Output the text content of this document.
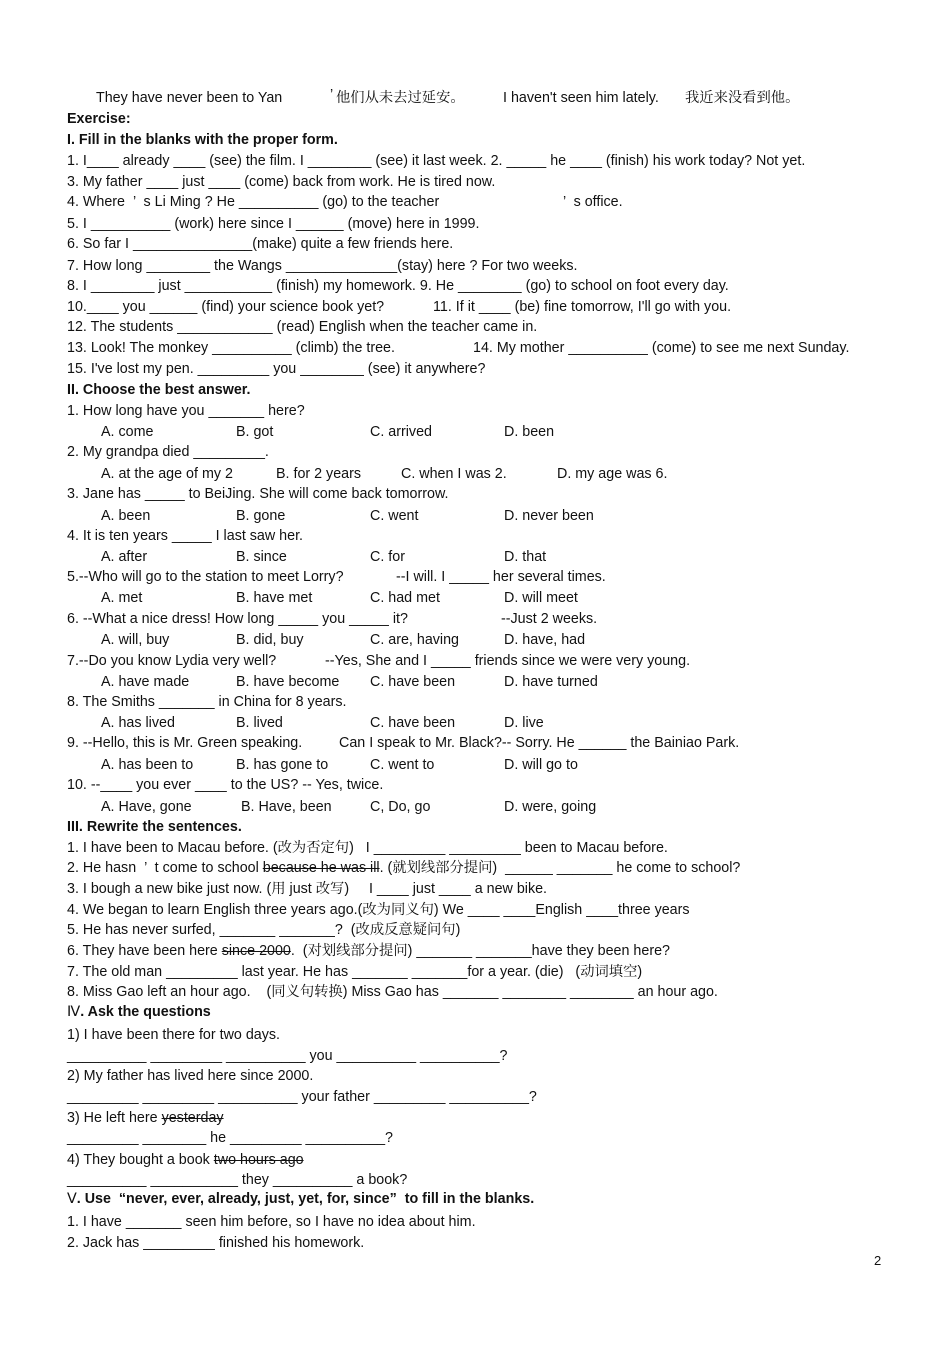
They have never been to Yan	’ 他们从未去过延安。	I haven't seen him lately. 我近来没看到他。
Exercise:
I. Fill in the blanks with the proper form.
1. I____ already ____ (see) the film. I ________ (see) it last week. 2. _____ he ____ (finish) his work today? Not yet.
3. My father ____ just ____ (come) back from work. He is tired now.
4. Where  ’  s Li Ming ? He __________ (go) to the teacher	’  s office.
5. I __________ (work) here since I ______ (move) here in 1999.
6. So far I _______________(make) quite a few friends here.
7. How long ________ the Wangs ______________(stay) here ? For two weeks.
8. I ________ just ___________ (finish) my homework. 9. He ________ (go) to school on foot every day.
10.____ you ______ (find) your science book yet?	11. If it ____ (be) fine tomorrow, I'll go with you.
12. The students ____________ (read) English when the teacher came in.
13. Look! The monkey __________ (climb) the tree.	14. My mother __________ (come) to see me next Sunday.
15. I've lost my pen. _________ you ________ (see) it anywhere?
II. Choose the best answer.
1. How long have you _______ here?
A. come	B. got	C. arrived	D. been
2. My grandpa died _________.
A. at the age of my 2	B. for 2 years	C. when I was 2.	D. my age was 6.
3. Jane has _____ to BeiJing. She will come back tomorrow.
A. been	B. gone	C. went	D. never been
4. It is ten years _____ I last saw her.
A. after	B. since	C. for	D. that
5.--Who will go to the station to meet Lorry?	--I will. I _____ her several times.
A. met	B. have met	C. had met	D. will meet
6. --What a nice dress! How long _____ you _____ it?	--Just 2 weeks.
A. will, buy	B. did, buy	C. are, having	D. have, had
7.--Do you know Lydia very well?	--Yes, She and I _____ friends since we were very young.
A. have made	B. have become C. have been	D. have turned
8. The Smiths _______ in China for 8 years.
A. has lived	B. lived	C. have been	D. live
9. --Hello, this is Mr. Green speaking.	Can I speak to Mr. Black?-- Sorry. He ______ the Bainiao Park.
A. has been to	B. has gone to	C. went to	D. will go to
10. --____ you ever ____ to the US? -- Yes, twice.
A. Have, gone	B. Have, been	C, Do, go	D. were, going
III. Rewrite the sentences.
1. I have been to Macau before. (改为否定句)   I _________ _________ been to Macau before.
2. He hasn  ’  t come to school because he was ill. (就划线部分提问)  ______ _______ he come to school?
3. I bough a new bike just now. (用 just 改写)     I ____ just ____ a new bike.
4. We began to learn English three years ago.(改为同义句) We ____ ____English ____three years
5. He has never surfed, _______ _______?  (改成反意疑问句)
6. They have been here since 2000.  (对划线部分提问) _______ _______have they been here?
7. The old man _________ last year. He has _______ _______for a year. (die)   (动词填空)
8. Miss Gao left an hour ago.    (同义句转换) Miss Gao has _______ ________ ________ an hour ago.
Ⅳ. Ask the questions
1) I have been there for two days.
__________ _________ __________ you __________ __________?
2) My father has lived here since 2000.
_________ _________ __________ your father _________ __________?
3) He left here yesterday
_________ ________ he _________ __________?
4) They bought a book two hours ago
__________ ___________ they __________ a book?
Ⅴ. Use  “never, ever, already, just, yet, for, since”  to fill in the blanks.
1. I have _______ seen him before, so I have no idea about him.
2. Jack has _________ finished his homework.
2
